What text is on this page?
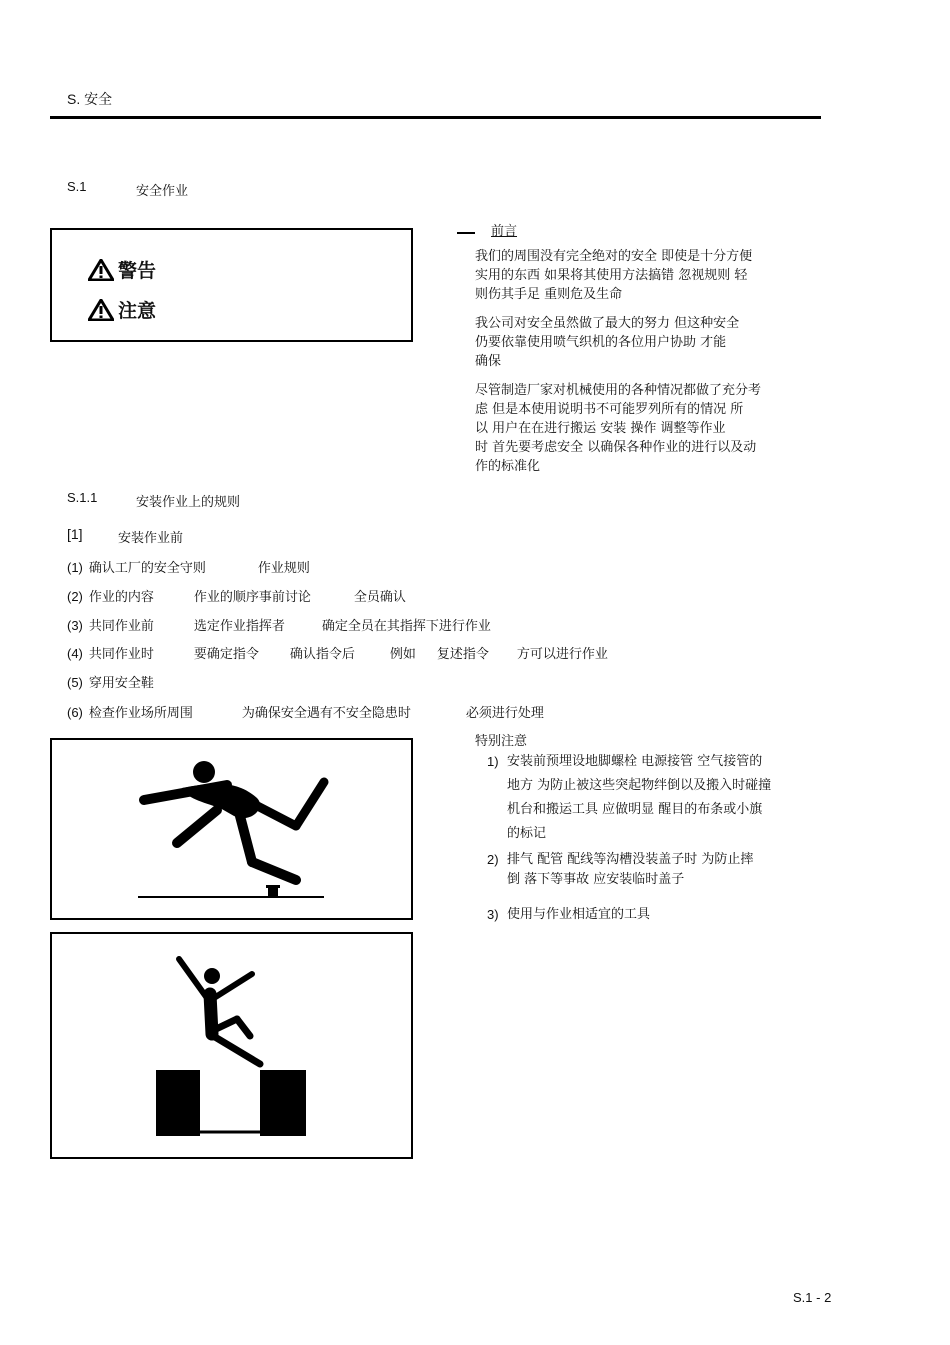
S. 安全
S.1	安全作业
警告
注意
前言
我们的周围没有完全绝对的安全 即使是十分方便
实用的东西 如果将其使用方法搞错 忽视规则 轻
则伤其手足 重则危及生命
我公司对安全虽然做了最大的努力 但这种安全
仍要依靠使用喷气织机的各位用户协助 才能
确保
尽管制造厂家对机械使用的各种情况都做了充分考
虑 但是本使用说明书不可能罗列所有的情况 所
以 用户在在进行搬运 安装 操作 调整等作业
时 首先要考虑安全 以确保各种作业的进行以及动
作的标准化
S.1.1	安装作业上的规则
[1]	安装作业前
(1) 确认工厂的安全守则	作业规则
(2) 作业的内容	作业的顺序事前讨论	全员确认
(3) 共同作业前	选定作业指挥者	确定全员在其指挥下进行作业
(4) 共同作业时	要确定指令 确认指令后	例如 复述指令 方可以进行作业
(5) 穿用安全鞋
(6) 检查作业场所周围	为确保安全遇有不安全隐患时	必须进行处理
特别注意
1) 安装前预埋设地脚螺栓 电源接管 空气接管的
地方 为防止被这些突起物绊倒以及搬入时碰撞
机台和搬运工具 应做明显 醒目的布条或小旗
的标记
2) 排气 配管 配线等沟槽没装盖子时 为防止摔
倒 落下等事故 应安装临时盖子
3) 使用与作业相适宜的工具
S.1 - 2
